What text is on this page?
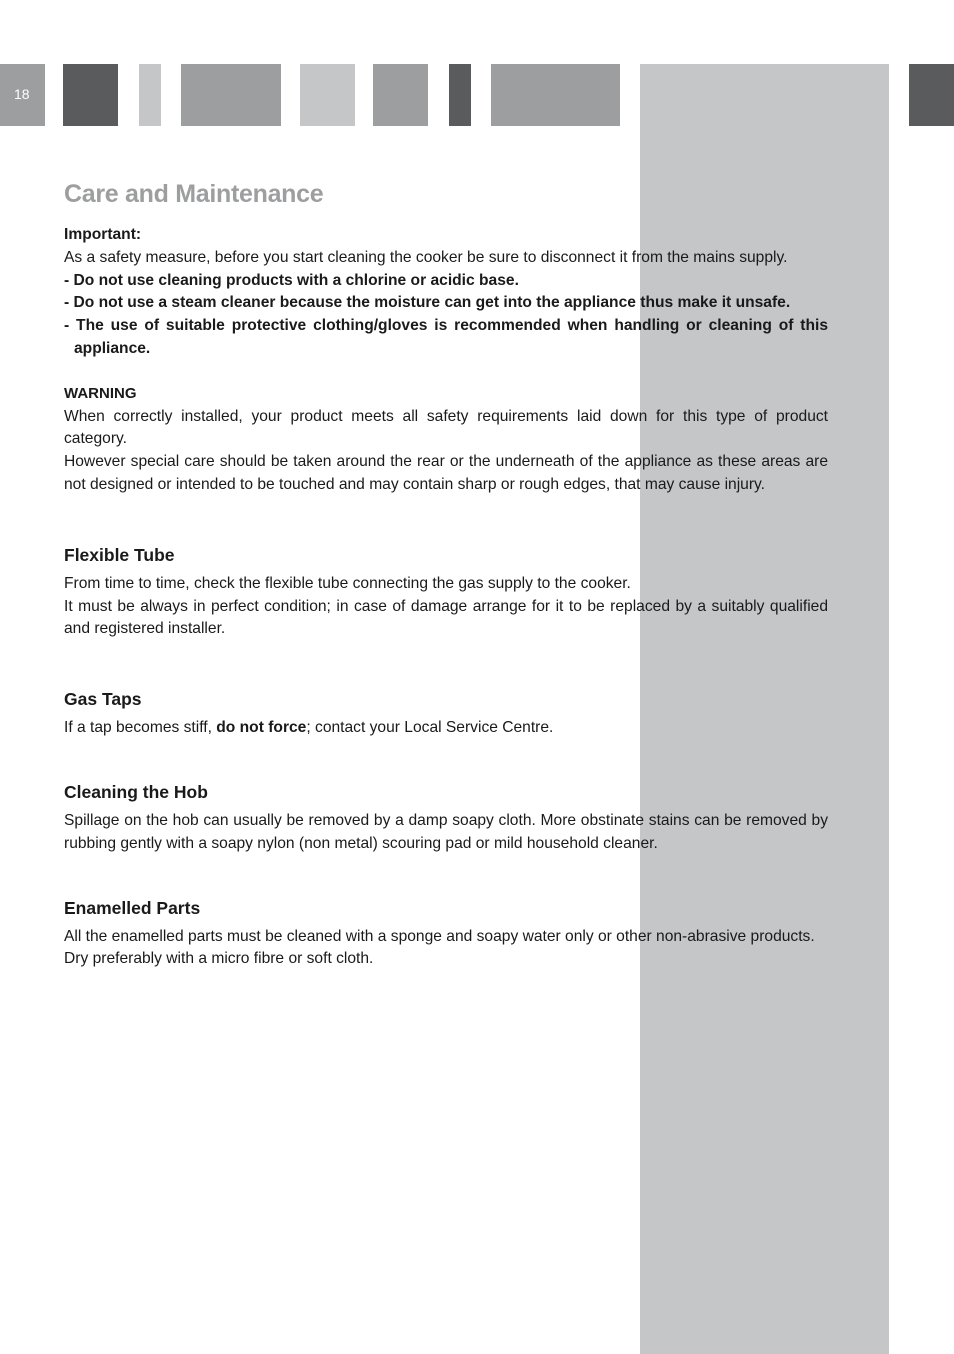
18
Care and Maintenance
Important:

As a safety measure, before you start cleaning the cooker be sure to disconnect it from the mains supply.

- Do not use cleaning products with a chlorine or acidic base.
- Do not use a steam cleaner because the moisture can get into the appliance thus make it unsafe.
- The use of suitable protective clothing/gloves is recommended when handling or cleaning of this appliance.
WARNING

When correctly installed, your product meets all safety requirements laid down for this type of product category.

However special care should be taken around the rear or the underneath of the appliance as these areas are not designed or intended to be touched and may contain sharp or rough edges, that may cause injury.

Flexible Tube

From time to time, check the flexible tube connecting the gas supply to the cooker.

It must be always in perfect condition; in case of damage arrange for it to be replaced by a suitably qualified and registered installer.

Gas Taps

If a tap becomes stiff, do not force; contact your Local Service Centre.

Cleaning the Hob

Spillage on the hob can usually be removed by a damp soapy cloth. More obstinate stains can be removed by rubbing gently with a soapy nylon (non metal) scouring pad or mild household cleaner.

Enamelled Parts

All the enamelled parts must be cleaned with a sponge and soapy water only or other non-abrasive products.

Dry preferably with a micro fibre or soft cloth.
